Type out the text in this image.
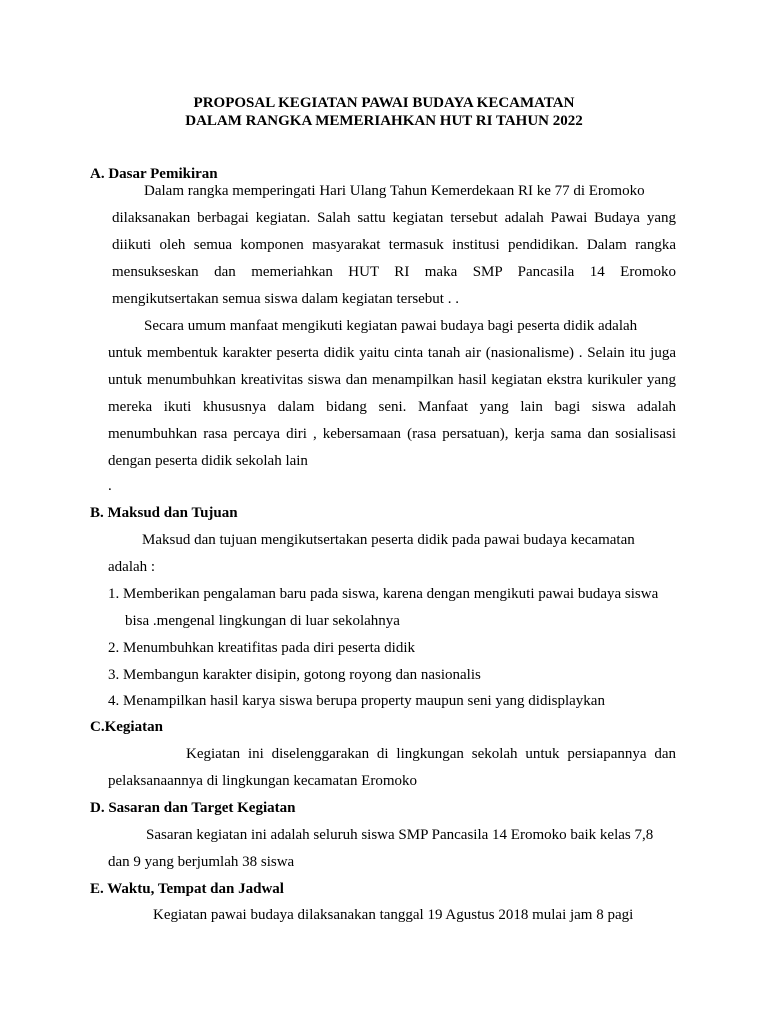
PROPOSAL KEGIATAN PAWAI BUDAYA KECAMATAN
DALAM RANGKA MEMERIAHKAN HUT RI TAHUN 2022
A. Dasar Pemikiran
Dalam rangka memperingati Hari Ulang Tahun Kemerdekaan RI ke 77 di Eromoko
dilaksanakan berbagai kegiatan. Salah sattu kegiatan tersebut adalah Pawai Budaya yang
diikuti oleh semua komponen masyarakat termasuk institusi pendidikan. Dalam rangka
mensukseskan dan memeriahkan HUT RI maka SMP Pancasila 14 Eromoko
mengikutsertakan semua siswa dalam kegiatan tersebut . .
Secara umum manfaat mengikuti kegiatan pawai budaya bagi peserta didik adalah
untuk membentuk karakter peserta didik yaitu cinta tanah air (nasionalisme) . Selain itu juga
untuk menumbuhkan kreativitas siswa dan menampilkan hasil kegiatan ekstra kurikuler yang
mereka ikuti khususnya dalam bidang seni. Manfaat yang lain bagi siswa adalah
menumbuhkan rasa percaya diri , kebersamaan (rasa persatuan), kerja sama dan sosialisasi
dengan peserta didik sekolah lain
.
B. Maksud dan Tujuan
Maksud dan tujuan mengikutsertakan peserta didik pada pawai budaya kecamatan
adalah :
1. Memberikan pengalaman baru pada siswa, karena dengan mengikuti pawai budaya siswa
bisa .mengenal lingkungan di luar sekolahnya
2. Menumbuhkan kreatifitas pada diri peserta didik
3. Membangun karakter disipin, gotong royong dan nasionalis
4. Menampilkan hasil karya siswa berupa property maupun seni yang didisplaykan
C.Kegiatan
Kegiatan ini diselenggarakan di lingkungan sekolah untuk persiapannya dan
pelaksanaannya di lingkungan kecamatan Eromoko
D. Sasaran dan Target Kegiatan
Sasaran kegiatan ini adalah seluruh siswa SMP Pancasila 14 Eromoko baik kelas 7,8
dan 9 yang berjumlah 38 siswa
E. Waktu, Tempat dan Jadwal
Kegiatan pawai budaya dilaksanakan tanggal 19 Agustus 2018 mulai jam 8 pagi
